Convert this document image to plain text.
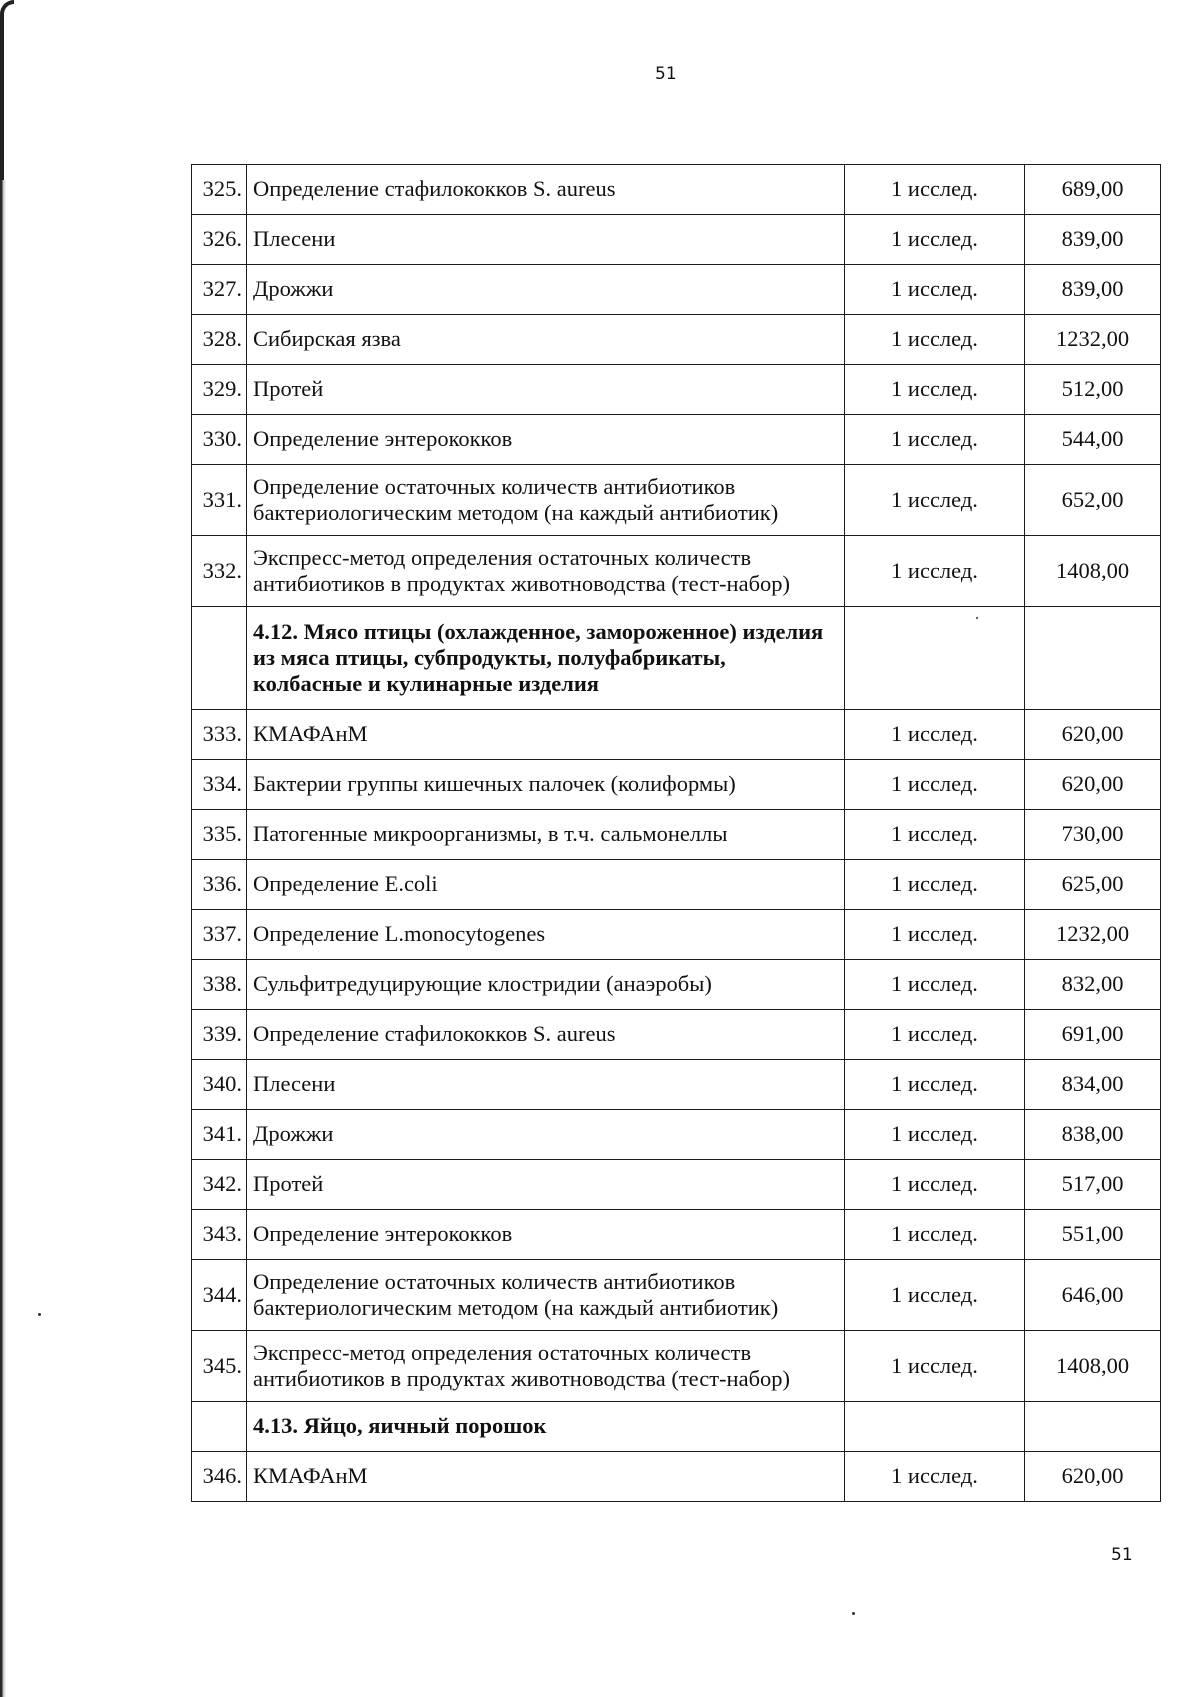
51
325.	Определение стафилококков S. aureus	1 исслед.	689,00
326.	Плесени	1 исслед.	839,00
327.	Дрожжи	1 исслед.	839,00
328.	Сибирская язва	1 исслед.	1232,00
329.	Протей	1 исслед.	512,00
330.	Определение энтерококков	1 исслед.	544,00
331.	Определение остаточных количеств антибиотиков бактериологическим методом (на каждый антибиотик)	1 исслед.	652,00
332.	Экспресс-метод определения остаточных количеств антибиотиков в продуктах животноводства (тест-набор)	1 исслед.	1408,00
	4.12. Мясо птицы (охлажденное, замороженное) изделия из мяса птицы, субпродукты, полуфабрикаты, колбасные и кулинарные изделия		
333.	КМАФАнМ	1 исслед.	620,00
334.	Бактерии группы кишечных палочек (колиформы)	1 исслед.	620,00
335.	Патогенные микроорганизмы, в т.ч. сальмонеллы	1 исслед.	730,00
336.	Определение E.coli	1 исслед.	625,00
337.	Определение L.monocytogenes	1 исслед.	1232,00
338.	Сульфитредуцирующие клостридии (анаэробы)	1 исслед.	832,00
339.	Определение стафилококков S. aureus	1 исслед.	691,00
340.	Плесени	1 исслед.	834,00
341.	Дрожжи	1 исслед.	838,00
342.	Протей	1 исслед.	517,00
343.	Определение энтерококков	1 исслед.	551,00
344.	Определение остаточных количеств антибиотиков бактериологическим методом (на каждый антибиотик)	1 исслед.	646,00
345.	Экспресс-метод определения остаточных количеств антибиотиков в продуктах животноводства (тест-набор)	1 исслед.	1408,00
	4.13. Яйцо, яичный порошок		
346.	КМАФАнМ	1 исслед.	620,00
51
